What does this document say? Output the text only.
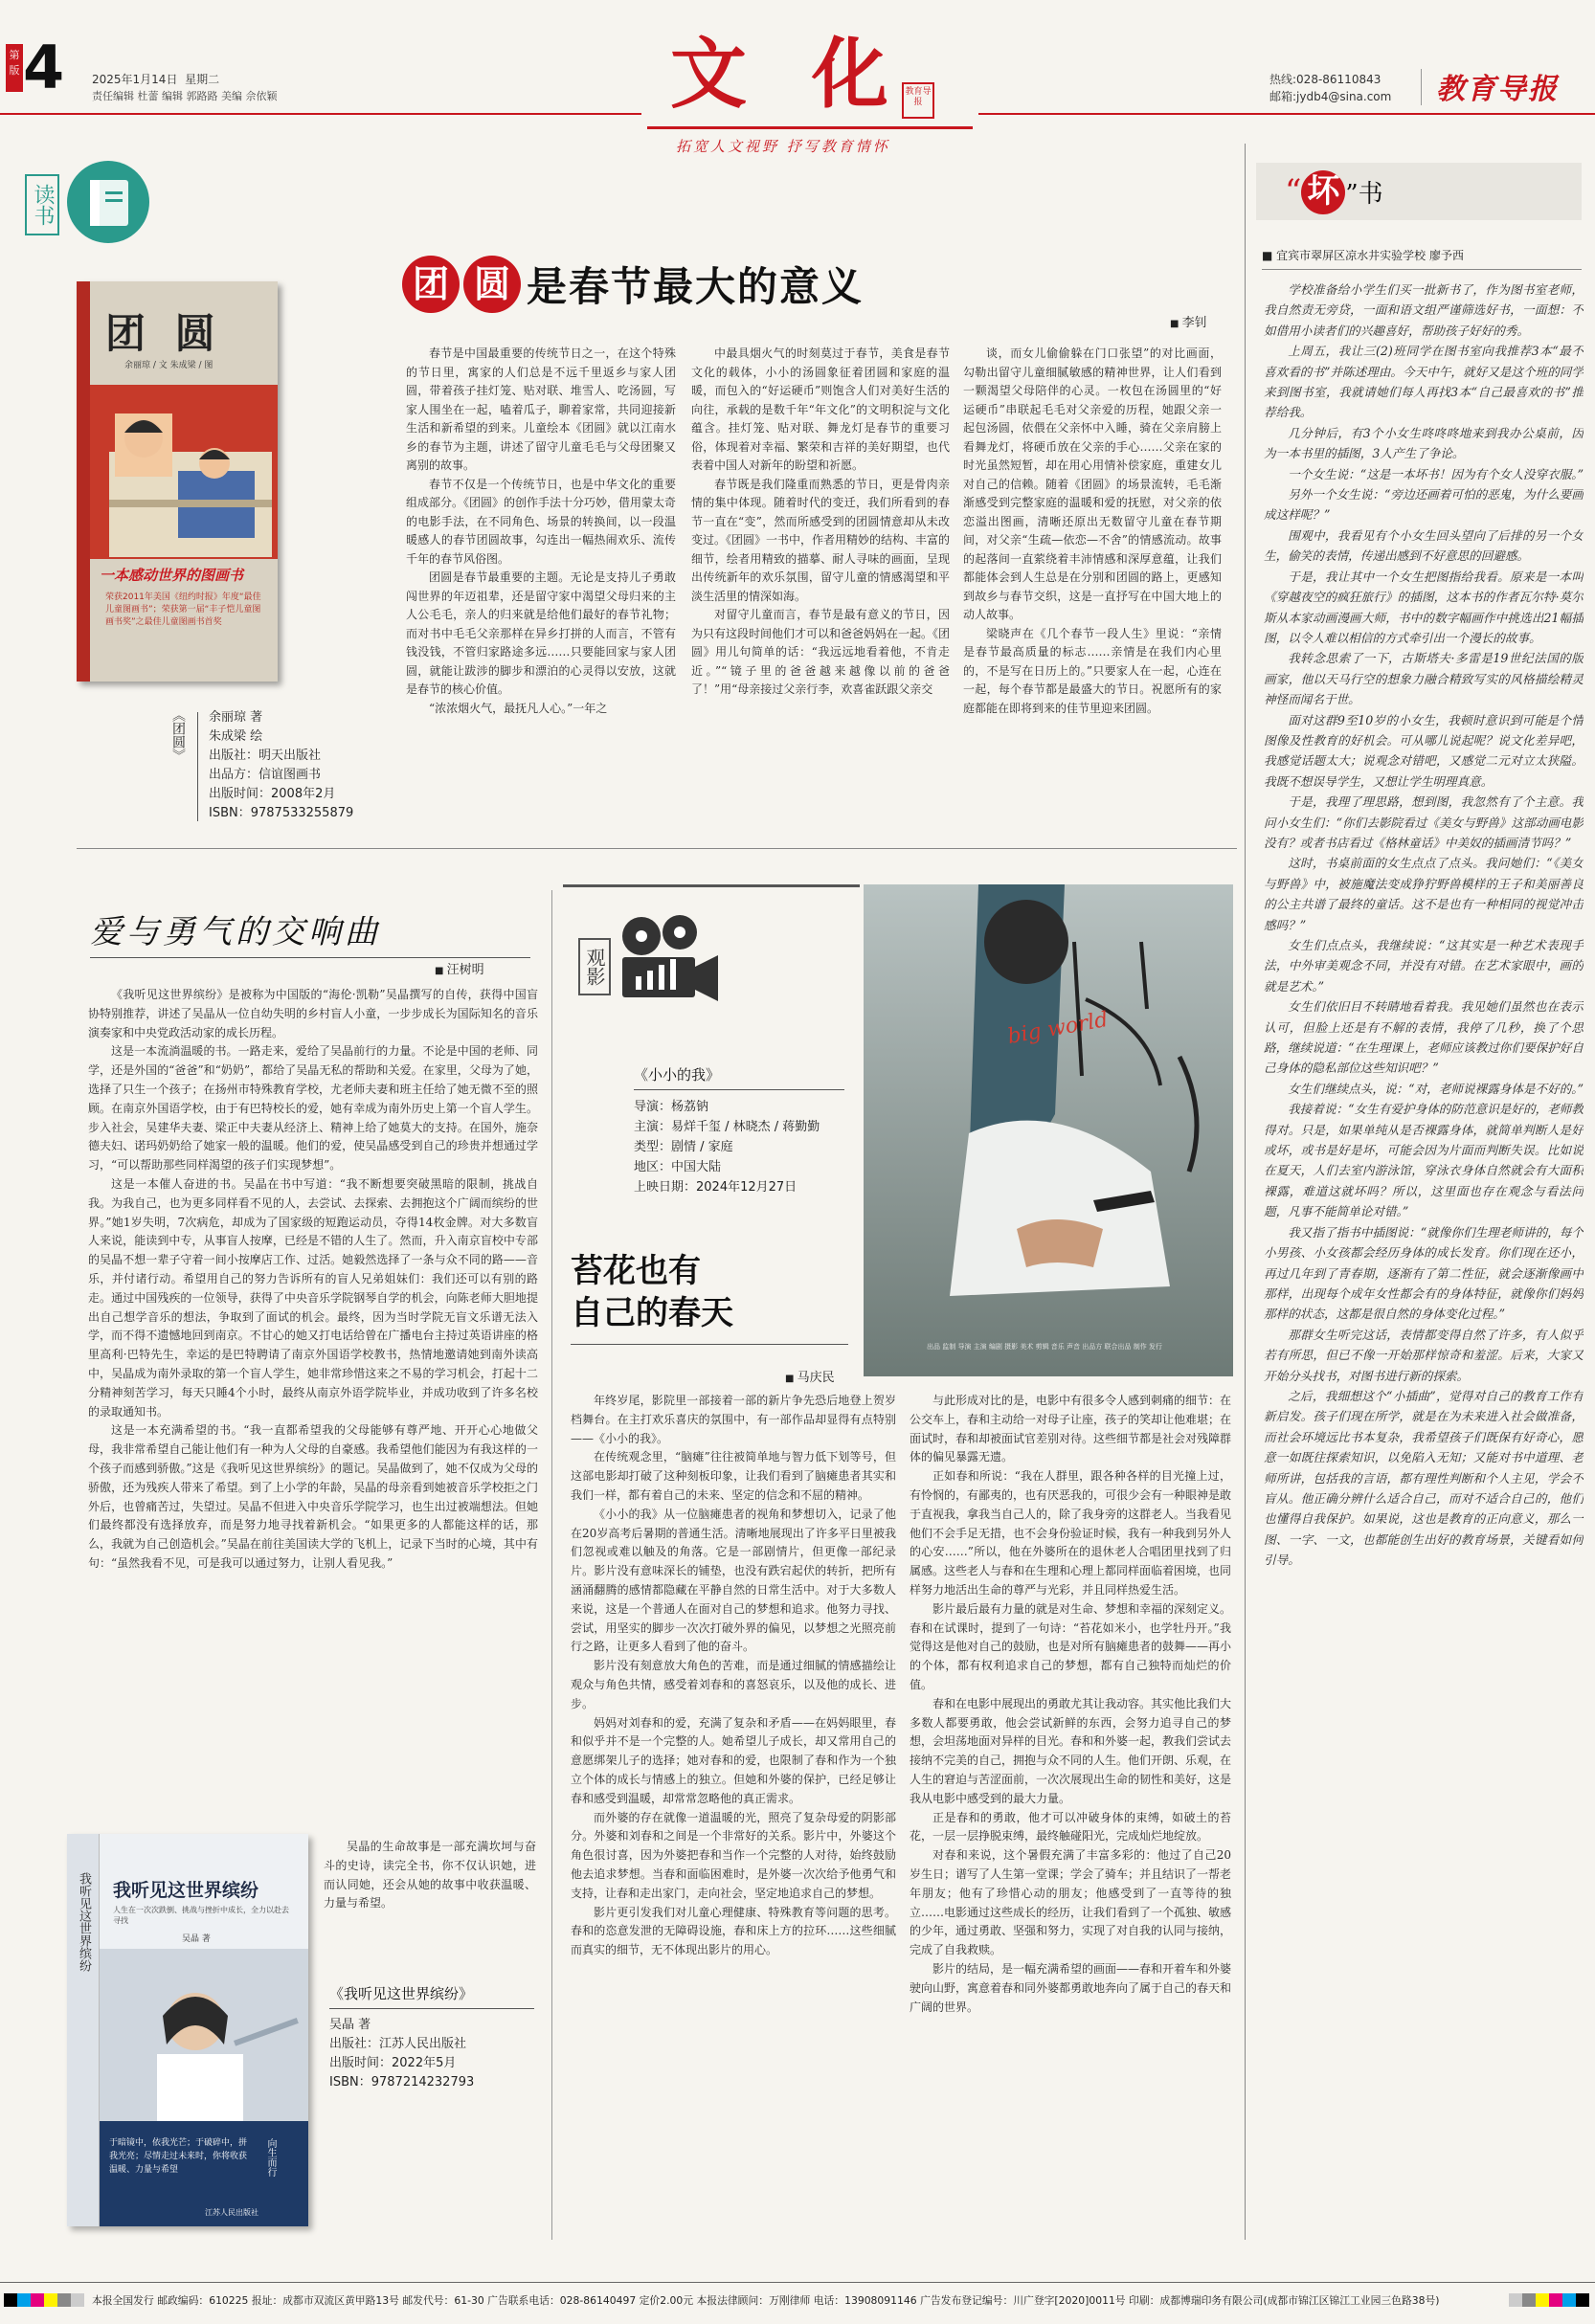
第
版 4 2025年1月14日 星期二
责任编辑 杜蕾 编辑 郭路路 美编 佘依颖	文 化
教育导报
拓宽人文视野 抒写教育情怀
热线:028-86110843
邮箱:jydb4@sina.com 教育导报
读书
团 圆
余丽琼 / 文 朱成梁 / 图
一本感动世界的图画书
荣获2011年美国《纽约时报》年度“最佳儿童图画书”；荣获第一届“丰子恺儿童图画书奖”之最佳儿童图画书首奖
《团圆》 余丽琼 著
朱成梁 绘
出版社：明天出版社
出品方：信谊图画书
出版时间：2008年2月
ISBN：9787533255879
团 圆 是春节最大的意义
■ 李钊

春节是中国最重要的传统节日之一，在这个特殊的节日里，寓家的人们总是不远千里返乡与家人团圆，带着孩子挂灯笼、贴对联、堆雪人、吃汤圆，写家人围坐在一起，嗑着瓜子，聊着家常，共同迎接新生活和新希望的到来。儿童绘本《团圆》就以江南水乡的春节为主题，讲述了留守儿童毛毛与父母团聚又离别的故事。

春节不仅是一个传统节日，也是中华文化的重要组成部分。《团圆》的创作手法十分巧妙，借用蒙太奇的电影手法，在不同角色、场景的转换间，以一段温暖感人的春节团圆故事，勾连出一幅热闹欢乐、流传千年的春节风俗图。

团圆是春节最重要的主题。无论是支持儿子勇敢闯世界的年迈祖辈，还是留守家中渴望父母归来的主人公毛毛，亲人的归来就是给他们最好的春节礼物；而对书中毛毛父亲那样在异乡打拼的人而言，不管有钱没钱，不管归家路途多远……只要能回家与家人团圆，就能让跋涉的脚步和漂泊的心灵得以安放，这就是春节的核心价值。

“浓浓烟火气，最抚凡人心。”一年之

中最具烟火气的时刻莫过于春节，美食是春节文化的载体，小小的汤圆象征着团圆和家庭的温暖，而包入的“好运硬币”则饱含人们对美好生活的向往，承载的是数千年“年文化”的文明积淀与文化蕴含。挂灯笼、贴对联、舞龙灯是春节的重要习俗，体现着对幸福、繁荣和吉祥的美好期望，也代表着中国人对新年的盼望和祈愿。

春节既是我们隆重而熟悉的节日，更是骨肉亲情的集中体现。随着时代的变迁，我们所看到的春节一直在“变”，然而所感受到的团圆情意却从未改变过。《团圆》一书中，作者用精妙的结构、丰富的细节，绘者用精致的描摹、耐人寻味的画面，呈现出传统新年的欢乐氛围，留守儿童的情感渴望和平淡生活里的情深如海。

对留守儿童而言，春节是最有意义的节日，因为只有这段时间他们才可以和爸爸妈妈在一起。《团圆》用儿句简单的话：“我远远地看着他，不肯走近。”“镜子里的爸爸越来越像以前的爸爸了！”用“母亲接过父亲行李，欢喜雀跃跟父亲交

谈，而女儿偷偷躲在门口张望”的对比画面，勾勒出留守儿童细腻敏感的精神世界，让人们看到一颗渴望父母陪伴的心灵。一枚包在汤圆里的“好运硬币”串联起毛毛对父亲爱的历程，她跟父亲一起包汤圆，依偎在父亲怀中入睡，骑在父亲肩膀上看舞龙灯，将硬币放在父亲的手心……父亲在家的时光虽然短暂，却在用心用情补偿家庭，重建女儿对自己的信赖。随着《团圆》的场景流转，毛毛渐渐感受到完整家庭的温暖和爱的抚慰，对父亲的依恋溢出图画，清晰还原出无数留守儿童在春节期间，对父亲“生疏—依恋—不舍”的情感流动。故事的起落间一直萦绕着丰沛情感和深厚意蕴，让我们都能体会到人生总是在分别和团圆的路上，更感知到故乡与春节交织，这是一直抒写在中国大地上的动人故事。

梁晓声在《几个春节一段人生》里说：“亲情是春节最高质量的标志……亲情是在我们内心里的，不是写在日历上的。”只要家人在一起，心连在一起，每个春节都是最盛大的节日。祝愿所有的家庭都能在即将到来的佳节里迎来团圆。

爱与勇气的交响曲
■ 汪树明

《我听见这世界缤纷》是被称为中国版的“海伦·凯勒”吴晶撰写的自传，获得中国盲协特别推荐，讲述了吴晶从一位自幼失明的乡村盲人小童，一步步成长为国际知名的音乐演奏家和中央党政活动家的成长历程。

这是一本流淌温暖的书。一路走来，爱给了吴晶前行的力量。不论是中国的老师、同学，还是外国的“爸爸”和“奶奶”，都给了吴晶无私的帮助和关爱。在家里，父母为了她，选择了只生一个孩子；在扬州市特殊教育学校，尤老师夫妻和班主任给了她无微不至的照顾。在南京外国语学校，由于有巴特校长的爱，她有幸成为南外历史上第一个盲人学生。步入社会，吴建华夫妻、梁正中夫妻从经济上、精神上给了她莫大的支持。在国外，施奈德夫妇、诺玛奶奶给了她家一般的温暖。他们的爱，使吴晶感受到自己的珍贵并想通过学习，“可以帮助那些同样渴望的孩子们实现梦想”。

这是一本催人奋进的书。吴晶在书中写道：“我不断想要突破黑暗的限制，挑战自我。为我自己，也为更多同样看不见的人，去尝试、去探索、去拥抱这个广阔而缤纷的世界。”她1岁失明，7次病危，却成为了国家级的短跑运动员，夺得14枚金牌。对大多数盲人来说，能读到中专，从事盲人按摩，已经是不错的人生了。然而，升入南京盲校中专部的吴晶不想一辈子守着一间小按摩店工作、过活。她毅然选择了一条与众不同的路——音乐，并付诸行动。希望用自己的努力告诉所有的盲人兄弟姐妹们：我们还可以有别的路走。通过中国残疾的一位领导，获得了中央音乐学院钢琴自学的机会，向陈老师大胆地提出自己想学音乐的想法，争取到了面试的机会。最终，因为当时学院无盲文乐谱无法入学，而不得不遗憾地回到南京。不甘心的她又打电话给曾在广播电台主持过英语讲座的格里高利·巴特先生，幸运的是巴特聘请了南京外国语学校教书，热情地邀请她到南外读高中，吴晶成为南外录取的第一个盲人学生，她非常珍惜这来之不易的学习机会，打起十二分精神刻苦学习，每天只睡4个小时，最终从南京外语学院毕业，并成功收到了许多名校的录取通知书。

这是一本充满希望的书。“我一直都希望我的父母能够有尊严地、开开心心地做父母，我非常希望自己能让他们有一种为人父母的自豪感。我希望他们能因为有我这样的一个孩子而感到骄傲。”这是《我听见这世界缤纷》的题记。吴晶做到了，她不仅成为父母的骄傲，还为残疾人带来了希望。到了上小学的年龄，吴晶的母亲看到她被音乐学校拒之门外后，也曾痛苦过，失望过。吴晶不但进入中央音乐学院学习，也生出过被端想法。但她们最终都没有选择放弃，而是努力地寻找着新机会。“如果更多的人都能这样的话，那么，我就为自己创造机会。”吴晶在前往美国读大学的飞机上，记录下当时的心境，其中有句：“虽然我看不见，可是我可以通过努力，让别人看见我。”

吴晶的生命故事是一部充满坎坷与奋斗的史诗，读完全书，你不仅认识她，进而认同她，还会从她的故事中收获温暖、力量与希望。

我听见这世界缤纷 我听见这世界缤纷
人生在一次次跌倒、挑战与挫折中成长，全力以赴去寻找
吴晶 著
于暗镜中，依我光芒；于破碎中，拼我光亮；尽情走过未来时，你将收获温暖、力量与希望	向生而行
江苏人民出版社
《我听见这世界缤纷》
吴晶 著
出版社：江苏人民出版社
出版时间：2022年5月
ISBN：9787214232793
观影
《小小的我》
导演：杨荔钠
主演：易烊千玺 / 林晓杰 / 蒋勤勤
类型：剧情 / 家庭
地区：中国大陆
上映日期：2024年12月27日
苔花也有
自己的春天
■ 马庆民
big world
出品 监制 导演 主演 编剧 摄影 美术 剪辑 音乐 声音 出品方 联合出品 制作 发行

年终岁尾，影院里一部接着一部的新片争先恐后地登上贺岁档舞台。在主打欢乐喜庆的氛围中，有一部作品却显得有点特别——《小小的我》。

在传统观念里，“脑瘫”往往被简单地与智力低下划等号，但这部电影却打破了这种刻板印象，让我们看到了脑瘫患者其实和我们一样，都有着自己的未来、坚定的信念和不屈的精神。

《小小的我》从一位脑瘫患者的视角和梦想切入，记录了他在20岁高考后暑期的普通生活。清晰地展现出了许多平日里被我们忽视或难以触及的角落。它是一部剧情片，但更像一部纪录片。影片没有意味深长的铺垫，也没有跌宕起伏的转折，把所有涵涌翻腾的感情都隐藏在平静自然的日常生活中。对于大多数人来说，这是一个普通人在面对自己的梦想和追求。他努力寻找、尝试，用坚实的脚步一次次打破外界的偏见，以梦想之光照亮前行之路，让更多人看到了他的奋斗。

影片没有刻意放大角色的苦难，而是通过细腻的情感描绘让观众与角色共情，感受着刘春和的喜怒哀乐，以及他的成长、进步。

妈妈对刘春和的爱，充满了复杂和矛盾——在妈妈眼里，春和似乎并不是一个完整的人。她希望儿子成长，却又常用自己的意愿绑架儿子的选择；她对春和的爱，也限制了春和作为一个独立个体的成长与情感上的独立。但她和外婆的保护，已经足够让春和感受到温暖，却常常忽略他的真正需求。

而外婆的存在就像一道温暖的光，照亮了复杂母爱的阴影部分。外婆和刘春和之间是一个非常好的关系。影片中，外婆这个角色很讨喜，因为外婆把春和当作一个完整的人对待，始终鼓励他去追求梦想。当春和面临困难时，是外婆一次次给予他勇气和支持，让春和走出家门，走向社会，坚定地追求自己的梦想。

影片更引发我们对儿童心理健康、特殊教育等问题的思考。春和的恣意发泄的无障碍设施，春和床上方的拉环……这些细腻而真实的细节，无不体现出影片的用心。

与此形成对比的是，电影中有很多令人感到刺痛的细节：在公交车上，春和主动给一对母子让座，孩子的笑却让他难堪；在面试时，春和却被面试官差别对待。这些细节都是社会对残障群体的偏见暴露无遗。

正如春和所说：“我在人群里，跟各种各样的目光撞上过，有怜悯的，有鄙夷的，也有厌恶我的，可很少会有一种眼神是敢于直视我，拿我当自己人的，除了我身旁的这群老人。当我看见他们不会手足无措，也不会身份验证时候，我有一种我到另外人的心安……”所以，他在外婆所在的退休老人合唱团里找到了归属感。这些老人与春和在生理和心理上都同样面临着困境，也同样努力地活出生命的尊严与光彩，并且同样热爱生活。

影片最后最有力量的就是对生命、梦想和幸福的深刻定义。春和在试课时，提到了一句诗：“苔花如米小，也学牡丹开。”我觉得这是他对自己的鼓励，也是对所有脑瘫患者的鼓舞——再小的个体，都有权利追求自己的梦想，都有自己独特而灿烂的价值。

春和在电影中展现出的勇敢尤其让我动容。其实他比我们大多数人都要勇敢，他会尝试新鲜的东西，会努力追寻自己的梦想，会坦荡地面对异样的目光。春和和外婆一起，教我们尝试去接纳不完美的自己，拥抱与众不同的人生。他们开朗、乐观，在人生的窘迫与苦涩面前，一次次展现出生命的韧性和美好，这是我从电影中感受到的最大力量。

正是春和的勇敢，他才可以冲破身体的束缚，如破土的苔花，一层一层挣脱束缚，最终触碰阳光，完成灿烂地绽放。

对春和来说，这个暑假充满了丰富多彩的：他过了自己20岁生日；谱写了人生第一堂课；学会了骑车；并且结识了一帮老年朋友；他有了珍惜心动的朋友；他感受到了一直等待的独立……电影通过这些成长的经历，让我们看到了一个孤独、敏感的少年，通过勇敢、坚强和努力，实现了对自我的认同与接纳，完成了自我救赎。

影片的结局，是一幅充满希望的画面——春和开着车和外婆驶向山野，寓意着春和同外婆都勇敢地奔向了属于自己的春天和广阔的世界。

“ 坏 ”书
■ 宜宾市翠屏区凉水井实验学校 廖予西

学校准备给小学生们买一批新书了，作为图书室老师，我自然责无旁贷，一面和语文组严谨筛选好书，一面想：不如借用小读者们的兴趣喜好，帮助孩子好好的秀。

上周五，我让三(2)班同学在图书室向我推荐3本“最不喜欢看的书”并陈述理由。今天中午，就好又是这个班的同学来到图书室，我就请她们每人再找3本“自己最喜欢的书”推荐给我。

几分钟后，有3个小女生咚咚咚地来到我办公桌前，因为一本书里的插图，3人产生了争论。

一个女生说：“这是一本坏书！因为有个女人没穿衣服。”

另外一个女生说：“旁边还画着可怕的恶鬼，为什么要画成这样呢？”

围观中，我看见有个小女生回头望向了后排的另一个女生，偷笑的表情，传递出感到不好意思的回避感。

于是，我让其中一个女生把图指给我看。原来是一本叫《穿越夜空的疯狂旅行》的插图，这本书的作者瓦尔特·莫尔斯从本家动画漫画大师，书中的数字幅画作中挑选出21幅插图，以令人难以相信的方式牵引出一个漫长的故事。

我转念思索了一下，古斯塔夫·多雷是19世纪法国的版画家，他以天马行空的想象力融合精致写实的风格描绘精灵神怪而闻名于世。

面对这群9至10岁的小女生，我顿时意识到可能是个情图像及性教育的好机会。可从哪儿说起呢？说文化差异吧，我感觉话题太大；说观念对错吧，又感觉二元对立太狭隘。我既不想误导学生，又想让学生明理真意。

于是，我理了理思路，想到图，我忽然有了个主意。我问小女生们：“你们去影院看过《美女与野兽》这部动画电影没有？或者书店看过《格林童话》中美奴的插画清节吗？”

这时，书桌前面的女生点点了点头。我问她们：“《美女与野兽》中，被施魔法变成狰狞野兽模样的王子和美丽善良的公主共谱了最终的童话。这不是也有一种相同的视觉冲击感吗？”

女生们点点头，我继续说：“这其实是一种艺术表现手法，中外审美观念不同，并没有对错。在艺术家眼中，画的就是艺术。”

女生们依旧目不转睛地看着我。我见她们虽然也在表示认可，但脸上还是有不解的表情，我停了几秒，换了个思路，继续说道：“在生理课上，老师应该教过你们要保护好自己身体的隐私部位这些知识吧？”

女生们继续点头，说：“对，老师说裸露身体是不好的。”

我接着说：“女生有爱护身体的防范意识是好的，老师教得对。只是，如果单纯从是否裸露身体，就简单判断人是好或坏，或书是好是坏，可能会因为片面而判断失误。比如说在夏天，人们去室内游泳馆，穿泳衣身体自然就会有大面积裸露，难道这就坏吗？所以，这里面也存在观念与看法问题，凡事不能简单论对错。”

我又指了指书中插图说：“就像你们生理老师讲的，每个小男孩、小女孩都会经历身体的成长发育。你们现在还小，再过几年到了青春期，逐渐有了第二性征，就会逐渐像画中那样，出现每个成年女性都会有的身体特征，就像你们妈妈那样的状态，这都是很自然的身体变化过程。”

那群女生听完这话，表情都变得自然了许多，有人似乎若有所思，但已不像一开始那样惊奇和羞涩。后来，大家又开始分头找书，对图书进行新的探索。

之后，我细想这个“小插曲”，觉得对自己的教育工作有新启发。孩子们现在所学，就是在为未来进入社会做准备，而社会环境远比书本复杂，我希望孩子们既保有好奇心，愿意一如既往探索知识，以免陷入无知；又能对书中道理、老师所讲，包括我的言语，都有理性判断和个人主见，学会不盲从。他正确分辨什么适合自己，而对不适合自己的，他们也懂得自我保护。如果说，这也是教育的正向意义，那么一图、一字、一文，也都能创生出好的教育场景，关键看如何引导。

本报全国发行 邮政编码：610225 报址：成都市双流区黄甲路13号 邮发代号：61-30 广告联系电话：028-86140497 定价2.00元 本报法律顾问：万刚律师 电话：13908091146 广告发布登记编号：川广登字[2020]0011号 印刷：成都博瑞印务有限公司(成都市锦江区锦江工业园三色路38号)
